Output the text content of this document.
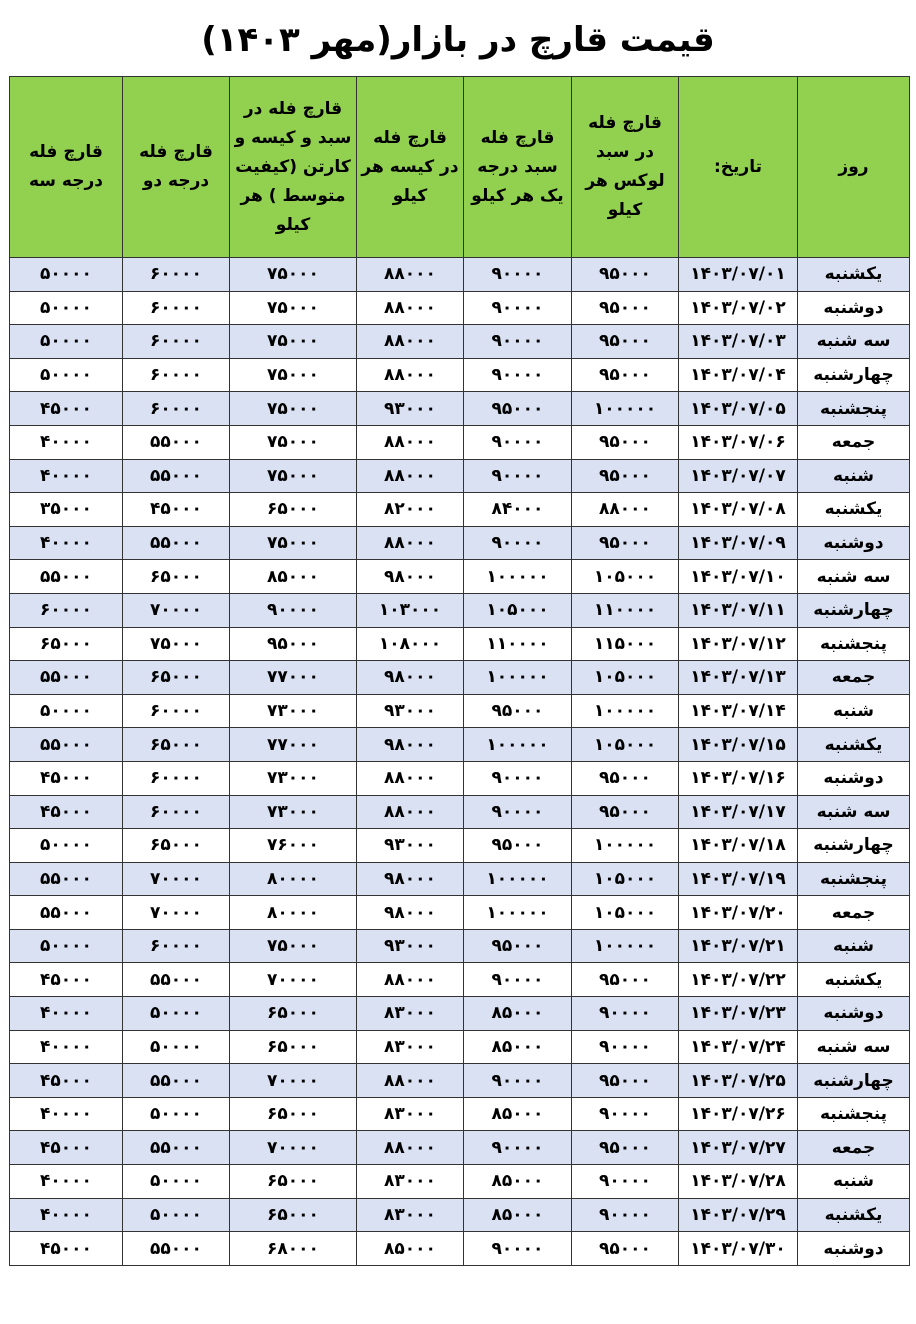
قیمت قارچ در بازار(مهر ۱۴۰۳)
روز	تاریخ:	قارچ فله در سبد لوکس هر کیلو	قارچ فله سبد درجه یک هر کیلو	قارچ فله در کیسه هر کیلو	قارچ فله در سبد و کیسه و کارتن (کیفیت متوسط ) هر کیلو	قارچ فله درجه دو	قارچ فله درجه سه
یکشنبه	۱۴۰۳/۰۷/۰۱	۹۵۰۰۰	۹۰۰۰۰	۸۸۰۰۰	۷۵۰۰۰	۶۰۰۰۰	۵۰۰۰۰
دوشنبه	۱۴۰۳/۰۷/۰۲	۹۵۰۰۰	۹۰۰۰۰	۸۸۰۰۰	۷۵۰۰۰	۶۰۰۰۰	۵۰۰۰۰
سه شنبه	۱۴۰۳/۰۷/۰۳	۹۵۰۰۰	۹۰۰۰۰	۸۸۰۰۰	۷۵۰۰۰	۶۰۰۰۰	۵۰۰۰۰
چهارشنبه	۱۴۰۳/۰۷/۰۴	۹۵۰۰۰	۹۰۰۰۰	۸۸۰۰۰	۷۵۰۰۰	۶۰۰۰۰	۵۰۰۰۰
پنجشنبه	۱۴۰۳/۰۷/۰۵	۱۰۰۰۰۰	۹۵۰۰۰	۹۳۰۰۰	۷۵۰۰۰	۶۰۰۰۰	۴۵۰۰۰
جمعه	۱۴۰۳/۰۷/۰۶	۹۵۰۰۰	۹۰۰۰۰	۸۸۰۰۰	۷۵۰۰۰	۵۵۰۰۰	۴۰۰۰۰
شنبه	۱۴۰۳/۰۷/۰۷	۹۵۰۰۰	۹۰۰۰۰	۸۸۰۰۰	۷۵۰۰۰	۵۵۰۰۰	۴۰۰۰۰
یکشنبه	۱۴۰۳/۰۷/۰۸	۸۸۰۰۰	۸۴۰۰۰	۸۲۰۰۰	۶۵۰۰۰	۴۵۰۰۰	۳۵۰۰۰
دوشنبه	۱۴۰۳/۰۷/۰۹	۹۵۰۰۰	۹۰۰۰۰	۸۸۰۰۰	۷۵۰۰۰	۵۵۰۰۰	۴۰۰۰۰
سه شنبه	۱۴۰۳/۰۷/۱۰	۱۰۵۰۰۰	۱۰۰۰۰۰	۹۸۰۰۰	۸۵۰۰۰	۶۵۰۰۰	۵۵۰۰۰
چهارشنبه	۱۴۰۳/۰۷/۱۱	۱۱۰۰۰۰	۱۰۵۰۰۰	۱۰۳۰۰۰	۹۰۰۰۰	۷۰۰۰۰	۶۰۰۰۰
پنجشنبه	۱۴۰۳/۰۷/۱۲	۱۱۵۰۰۰	۱۱۰۰۰۰	۱۰۸۰۰۰	۹۵۰۰۰	۷۵۰۰۰	۶۵۰۰۰
جمعه	۱۴۰۳/۰۷/۱۳	۱۰۵۰۰۰	۱۰۰۰۰۰	۹۸۰۰۰	۷۷۰۰۰	۶۵۰۰۰	۵۵۰۰۰
شنبه	۱۴۰۳/۰۷/۱۴	۱۰۰۰۰۰	۹۵۰۰۰	۹۳۰۰۰	۷۳۰۰۰	۶۰۰۰۰	۵۰۰۰۰
یکشنبه	۱۴۰۳/۰۷/۱۵	۱۰۵۰۰۰	۱۰۰۰۰۰	۹۸۰۰۰	۷۷۰۰۰	۶۵۰۰۰	۵۵۰۰۰
دوشنبه	۱۴۰۳/۰۷/۱۶	۹۵۰۰۰	۹۰۰۰۰	۸۸۰۰۰	۷۳۰۰۰	۶۰۰۰۰	۴۵۰۰۰
سه شنبه	۱۴۰۳/۰۷/۱۷	۹۵۰۰۰	۹۰۰۰۰	۸۸۰۰۰	۷۳۰۰۰	۶۰۰۰۰	۴۵۰۰۰
چهارشنبه	۱۴۰۳/۰۷/۱۸	۱۰۰۰۰۰	۹۵۰۰۰	۹۳۰۰۰	۷۶۰۰۰	۶۵۰۰۰	۵۰۰۰۰
پنجشنبه	۱۴۰۳/۰۷/۱۹	۱۰۵۰۰۰	۱۰۰۰۰۰	۹۸۰۰۰	۸۰۰۰۰	۷۰۰۰۰	۵۵۰۰۰
جمعه	۱۴۰۳/۰۷/۲۰	۱۰۵۰۰۰	۱۰۰۰۰۰	۹۸۰۰۰	۸۰۰۰۰	۷۰۰۰۰	۵۵۰۰۰
شنبه	۱۴۰۳/۰۷/۲۱	۱۰۰۰۰۰	۹۵۰۰۰	۹۳۰۰۰	۷۵۰۰۰	۶۰۰۰۰	۵۰۰۰۰
یکشنبه	۱۴۰۳/۰۷/۲۲	۹۵۰۰۰	۹۰۰۰۰	۸۸۰۰۰	۷۰۰۰۰	۵۵۰۰۰	۴۵۰۰۰
دوشنبه	۱۴۰۳/۰۷/۲۳	۹۰۰۰۰	۸۵۰۰۰	۸۳۰۰۰	۶۵۰۰۰	۵۰۰۰۰	۴۰۰۰۰
سه شنبه	۱۴۰۳/۰۷/۲۴	۹۰۰۰۰	۸۵۰۰۰	۸۳۰۰۰	۶۵۰۰۰	۵۰۰۰۰	۴۰۰۰۰
چهارشنبه	۱۴۰۳/۰۷/۲۵	۹۵۰۰۰	۹۰۰۰۰	۸۸۰۰۰	۷۰۰۰۰	۵۵۰۰۰	۴۵۰۰۰
پنجشنبه	۱۴۰۳/۰۷/۲۶	۹۰۰۰۰	۸۵۰۰۰	۸۳۰۰۰	۶۵۰۰۰	۵۰۰۰۰	۴۰۰۰۰
جمعه	۱۴۰۳/۰۷/۲۷	۹۵۰۰۰	۹۰۰۰۰	۸۸۰۰۰	۷۰۰۰۰	۵۵۰۰۰	۴۵۰۰۰
شنبه	۱۴۰۳/۰۷/۲۸	۹۰۰۰۰	۸۵۰۰۰	۸۳۰۰۰	۶۵۰۰۰	۵۰۰۰۰	۴۰۰۰۰
یکشنبه	۱۴۰۳/۰۷/۲۹	۹۰۰۰۰	۸۵۰۰۰	۸۳۰۰۰	۶۵۰۰۰	۵۰۰۰۰	۴۰۰۰۰
دوشنبه	۱۴۰۳/۰۷/۳۰	۹۵۰۰۰	۹۰۰۰۰	۸۵۰۰۰	۶۸۰۰۰	۵۵۰۰۰	۴۵۰۰۰
